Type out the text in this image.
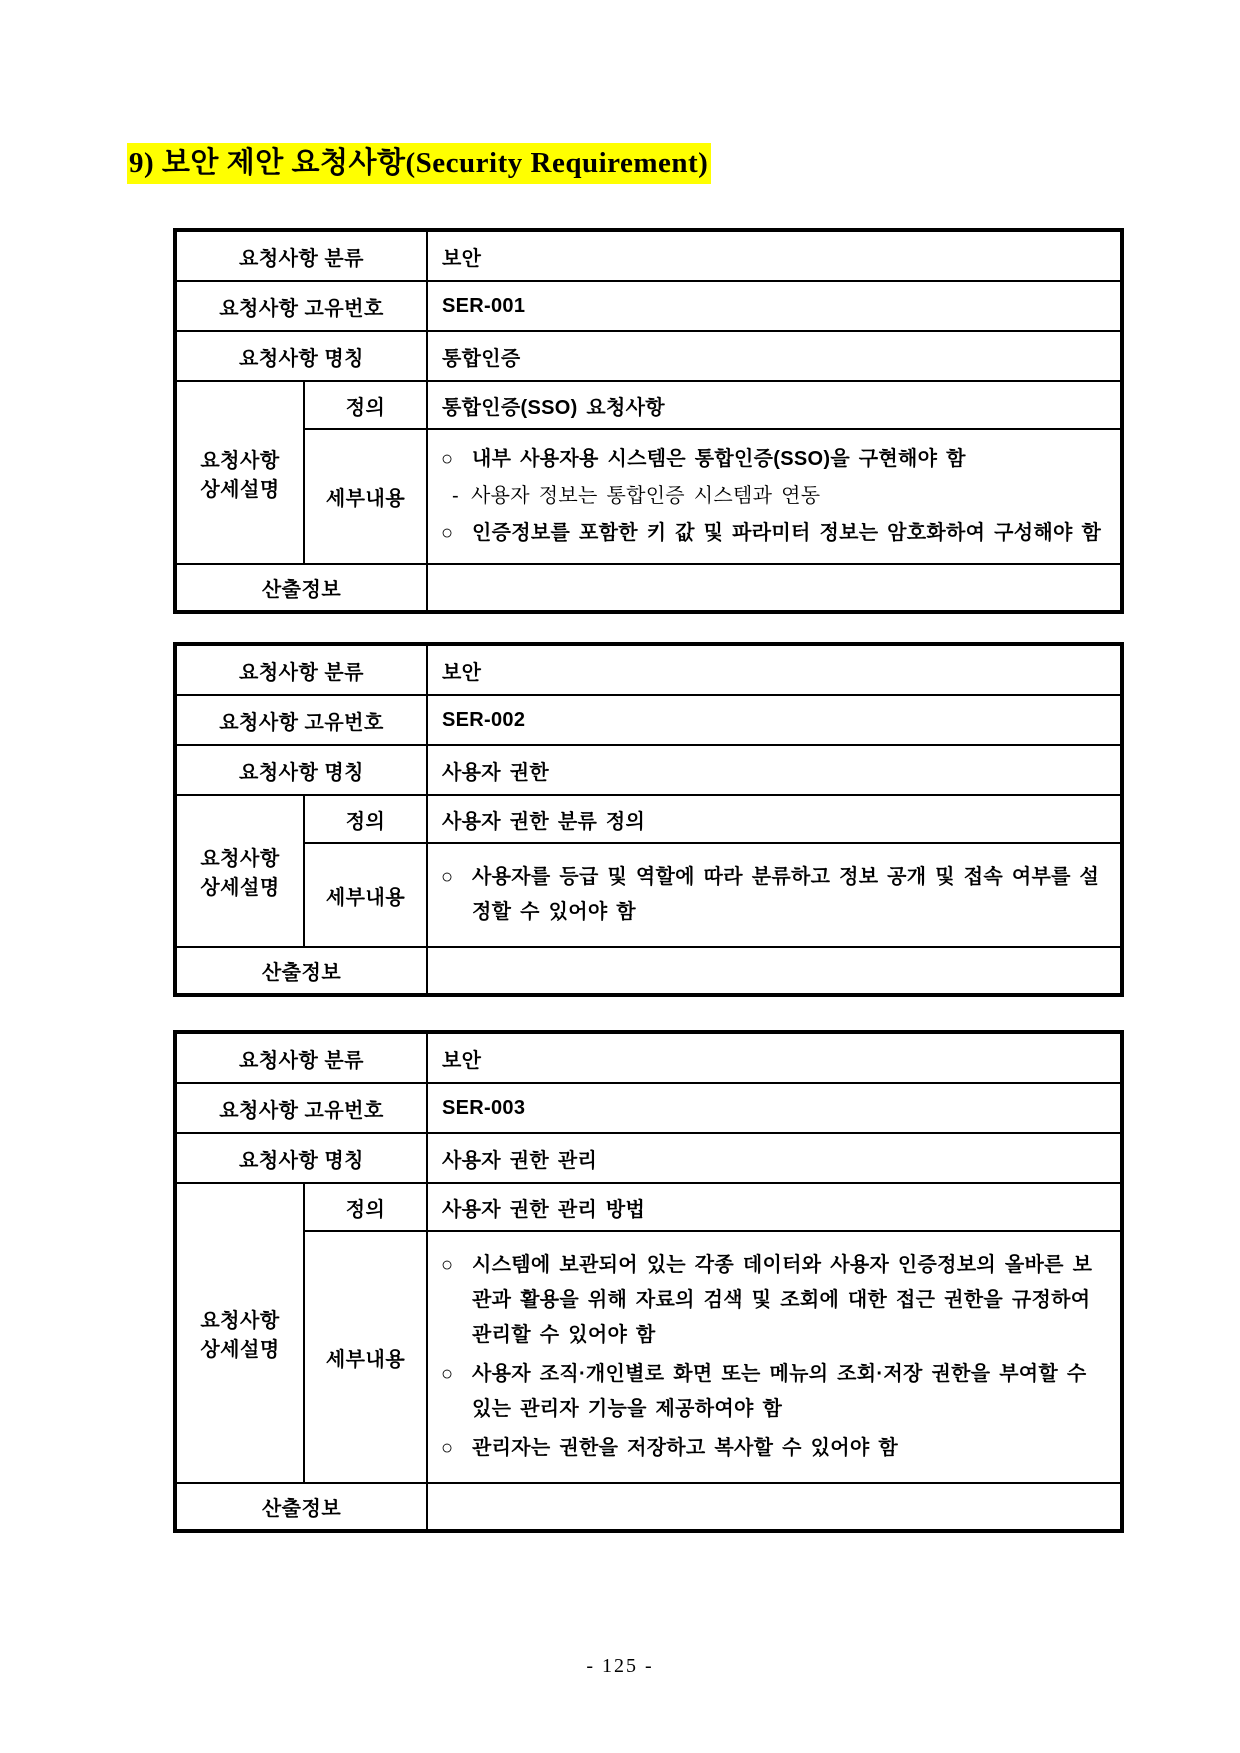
9) 보안 제안 요청사항(Security Requirement)
요청사항 분류		보안
요청사항 고유번호		SER-001
요청사항 명칭		통합인증

요청사항
상세설명	정의	통합인증(SSO) 요청사항
세부내용	
○ 내부 사용자용 시스템은 통합인증(SSO)을 구현해야 함
- 사용자 정보는 통합인증 시스템과 연동
○ 인증정보를 포함한 키 값 및 파라미터 정보는 암호화하여 구성해야 함

산출정보		
요청사항 분류		보안
요청사항 고유번호		SER-002
요청사항 명칭		사용자 권한

요청사항
상세설명	정의	사용자 권한 분류 정의
	세부내용	○ 사용자를 등급 및 역할에 따라 분류하고 정보 공개 및 접속 여부를 설정할 수 있어야 함

산출정보		
요청사항 분류		보안
요청사항 고유번호		SER-003
요청사항 명칭		사용자 권한 관리

요청사항
상세설명	정의	사용자 권한 관리 방법
세부내용	
○ 시스템에 보관되어 있는 각종 데이터와 사용자 인증정보의 올바른 보관과 활용을 위해 자료의 검색 및 조회에 대한 접근 권한을 규정하여 관리할 수 있어야 함
○ 사용자 조직·개인별로 화면 또는 메뉴의 조회·저장 권한을 부여할 수 있는 관리자 기능을 제공하여야 함
○ 관리자는 권한을 저장하고 복사할 수 있어야 함

산출정보		
- 125 -
